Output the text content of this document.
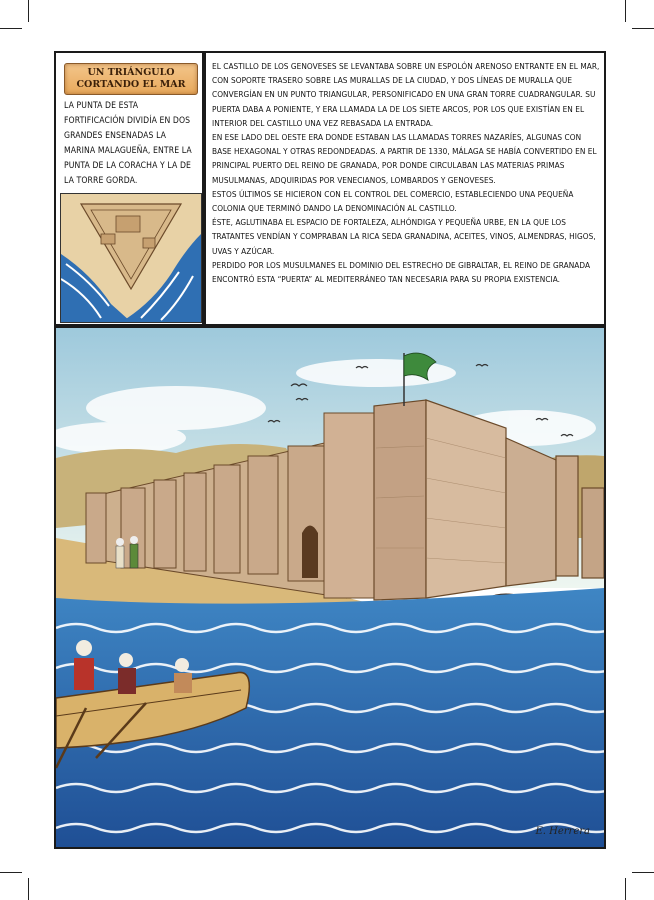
UN TRIÁNGULO CORTANDO EL MAR
LA PUNTA DE ESTA FORTIFICACIÓN DIVIDÍA EN DOS GRANDES ENSENADAS LA MARINA MALAGUEÑA, ENTRE LA PUNTA DE LA CORACHA Y LA DE LA TORRE GORDA.

EL CASTILLO DE LOS GENOVESES SE LEVANTABA SOBRE UN ESPOLÓN ARENOSO ENTRANTE EN EL MAR, CON SOPORTE TRASERO SOBRE LAS MURALLAS DE LA CIUDAD, Y DOS LÍNEAS DE MURALLA QUE CONVERGÍAN EN UN PUNTO TRIANGULAR, PERSONIFICADO EN UNA GRAN TORRE CUADRANGULAR. SU PUERTA DABA A PONIENTE, Y ERA LLAMADA LA DE LOS SIETE ARCOS, POR LOS QUE EXISTÍAN EN EL INTERIOR DEL CASTILLO UNA VEZ REBASADA LA ENTRADA.

EN ESE LADO DEL OESTE ERA DONDE ESTABAN LAS LLAMADAS TORRES NAZARÍES, ALGUNAS CON BASE HEXAGONAL Y OTRAS REDONDEADAS. A PARTIR DE 1330, MÁLAGA SE HABÍA CONVERTIDO EN EL PRINCIPAL PUERTO DEL REINO DE GRANADA, POR DONDE CIRCULABAN LAS MATERIAS PRIMAS MUSULMANAS, ADQUIRIDAS POR VENECIANOS, LOMBARDOS Y GENOVESES.

ESTOS ÚLTIMOS SE HICIERON CON EL CONTROL DEL COMERCIO, ESTABLECIENDO UNA PEQUEÑA COLONIA QUE TERMINÓ DANDO LA DENOMINACIÓN AL CASTILLO.

ÉSTE, AGLUTINABA EL ESPACIO DE FORTALEZA, ALHÓNDIGA Y PEQUEÑA URBE, EN LA QUE LOS TRATANTES VENDÍAN Y COMPRABAN LA RICA SEDA GRANADINA, ACEITES, VINOS, ALMENDRAS, HIGOS, UVAS Y AZÚCAR.

PERDIDO POR LOS MUSULMANES EL DOMINIO DEL ESTRECHO DE GIBRALTAR, EL REINO DE GRANADA ENCONTRÓ ESTA “PUERTA” AL MEDITERRÁNEO TAN NECESARIA PARA SU PROPIA EXISTENCIA.

E. Herrera
